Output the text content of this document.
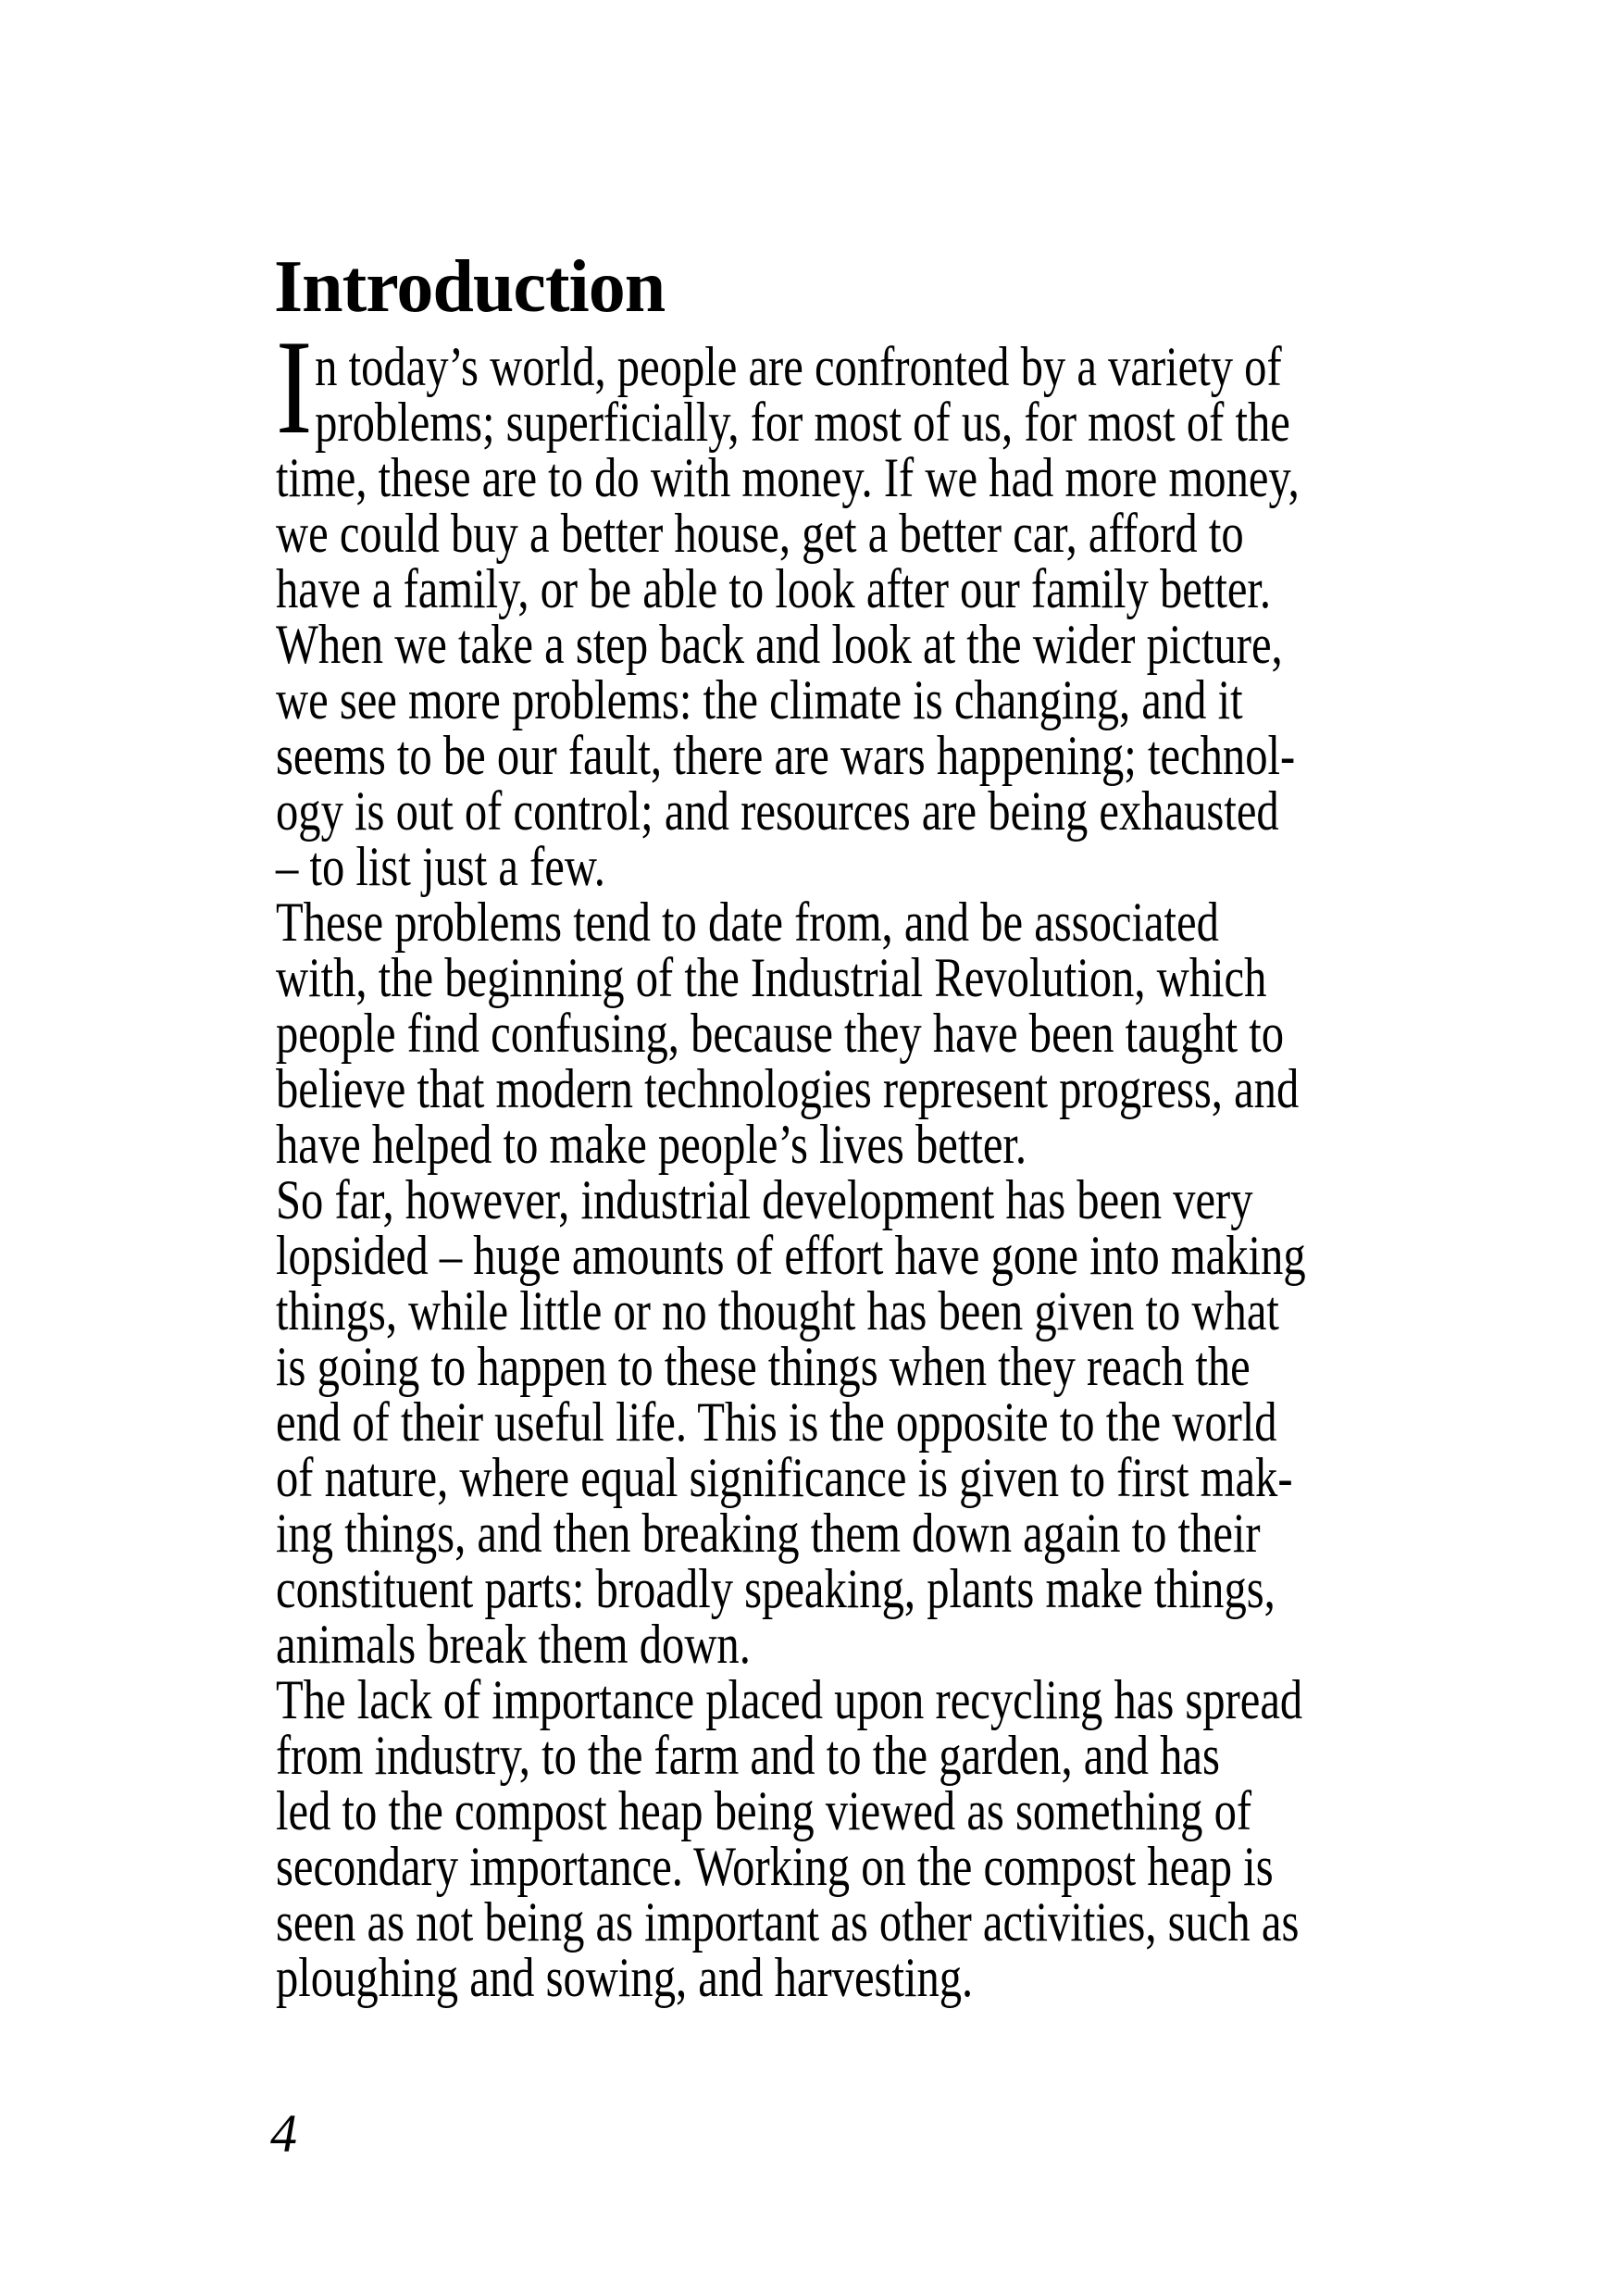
Introduction
I n today’s world, people are confronted by a variety of
problems; superficially, for most of us, for most of the
time, these are to do with money. If we had more money,
we could buy a better house, get a better car, afford to
have a family, or be able to look after our family better.
When we take a step back and look at the wider picture,
we see more problems: the climate is changing, and it
seems to be our fault, there are wars happening; technol-
ogy is out of control; and resources are being exhausted
– to list just a few.
These problems tend to date from, and be associated
with, the beginning of the Industrial Revolution, which
people find confusing, because they have been taught to
believe that modern technologies represent progress, and
have helped to make people’s lives better.
So far, however, industrial development has been very
lopsided – huge amounts of effort have gone into making
things, while little or no thought has been given to what
is going to happen to these things when they reach the
end of their useful life. This is the opposite to the world
of nature, where equal significance is given to first mak-
ing things, and then breaking them down again to their
constituent parts: broadly speaking, plants make things,
animals break them down.
The lack of importance placed upon recycling has spread
from industry, to the farm and to the garden, and has
led to the compost heap being viewed as something of
secondary importance. Working on the compost heap is
seen as not being as important as other activities, such as
ploughing and sowing, and harvesting.
4
